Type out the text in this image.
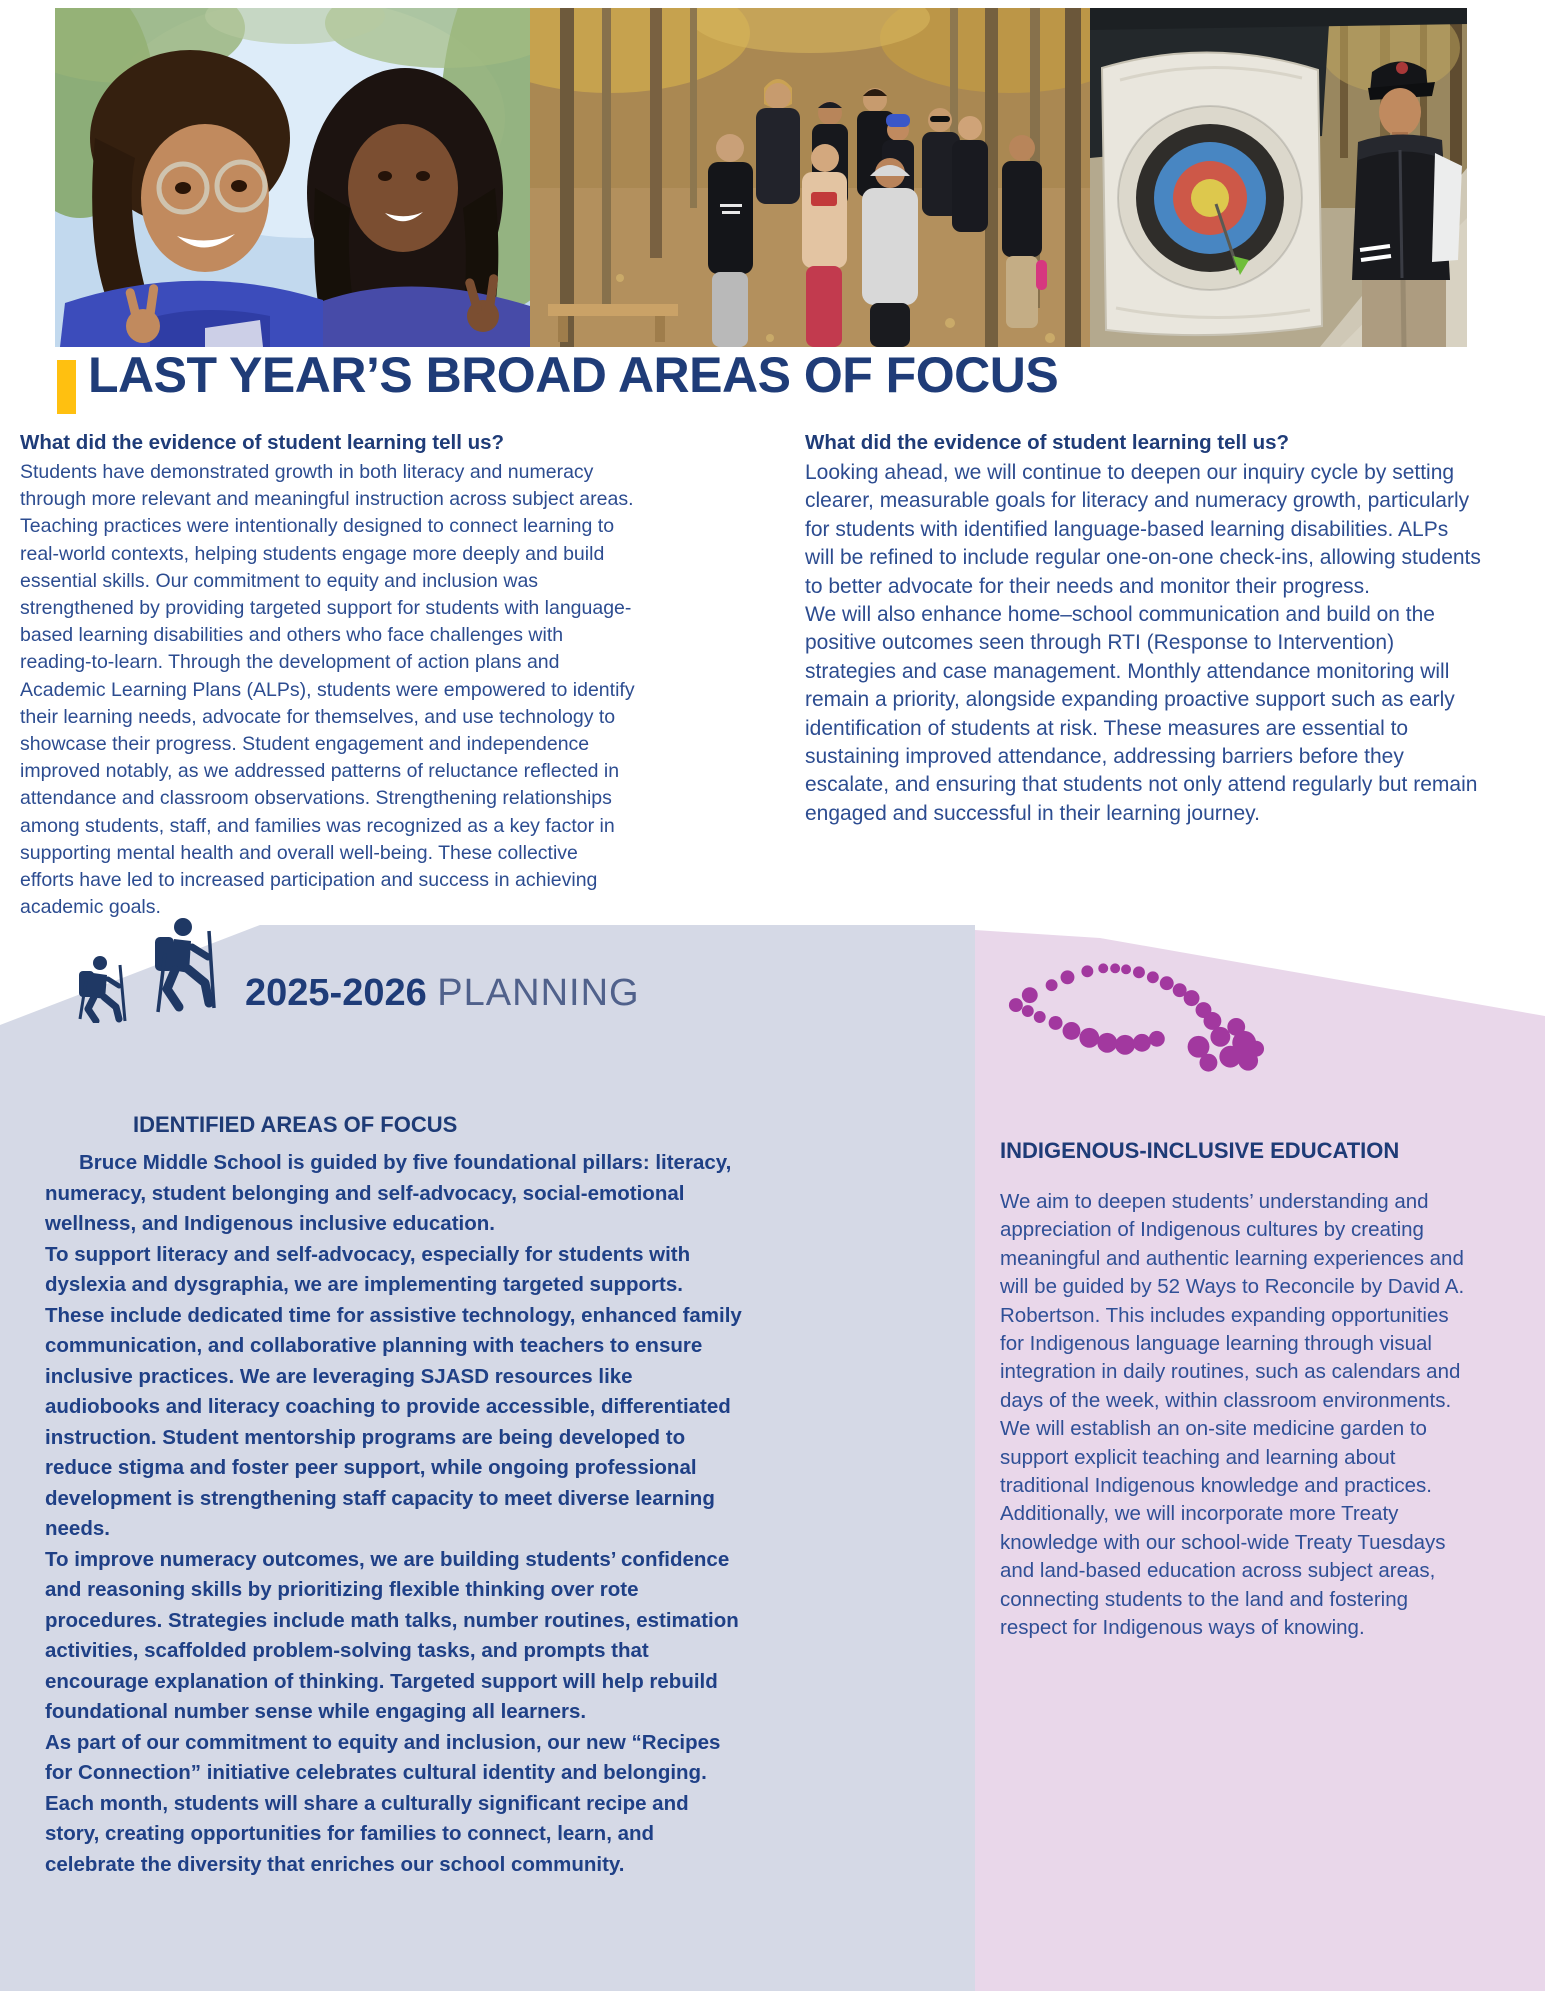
LAST YEAR’S BROAD AREAS OF FOCUS
What did the evidence of student learning tell us?

Students have demonstrated growth in both literacy and numeracy through more relevant and meaningful instruction across subject areas. Teaching practices were intentionally designed to connect learning to real-world contexts, helping students engage more deeply and build essential skills. Our commitment to equity and inclusion was strengthened by providing targeted support for students with language-based learning disabilities and others who face challenges with reading-to-learn. Through the development of action plans and Academic Learning Plans (ALPs), students were empowered to identify their learning needs, advocate for themselves, and use technology to showcase their progress. Student engagement and independence improved notably, as we addressed patterns of reluctance reflected in attendance and classroom observations. Strengthening relationships among students, staff, and families was recognized as a key factor in supporting mental health and overall well-being. These collective efforts have led to increased participation and success in achieving academic goals.

What did the evidence of student learning tell us?

Looking ahead, we will continue to deepen our inquiry cycle by setting clearer, measurable goals for literacy and numeracy growth, particularly for students with identified language-based learning disabilities. ALPs will be refined to include regular one-on-one check-ins, allowing students to better advocate for their needs and monitor their progress.

We will also enhance home–school communication and build on the positive outcomes seen through RTI (Response to Intervention) strategies and case management. Monthly attendance monitoring will remain a priority, alongside expanding proactive support such as early identification of students at risk. These measures are essential to sustaining improved attendance, addressing barriers before they escalate, and ensuring that students not only attend regularly but remain engaged and successful in their learning journey.

2025-2026 PLANNING
IDENTIFIED AREAS OF FOCUS

Bruce Middle School is guided by five foundational pillars: literacy, numeracy, student belonging and self-advocacy, social-emotional wellness, and Indigenous inclusive education.

To support literacy and self-advocacy, especially for students with dyslexia and dysgraphia, we are implementing targeted supports. These include dedicated time for assistive technology, enhanced family communication, and collaborative planning with teachers to ensure inclusive practices. We are leveraging SJASD resources like audiobooks and literacy coaching to provide accessible, differentiated instruction. Student mentorship programs are being developed to reduce stigma and foster peer support, while ongoing professional development is strengthening staff capacity to meet diverse learning needs.

To improve numeracy outcomes, we are building students’ confidence and reasoning skills by prioritizing flexible thinking over rote procedures. Strategies include math talks, number routines, estimation activities, scaffolded problem-solving tasks, and prompts that encourage explanation of thinking. Targeted support will help rebuild foundational number sense while engaging all learners.

As part of our commitment to equity and inclusion, our new “Recipes for Connection” initiative celebrates cultural identity and belonging. Each month, students will share a culturally significant recipe and story, creating opportunities for families to connect, learn, and celebrate the diversity that enriches our school community.

INDIGENOUS-INCLUSIVE EDUCATION

We aim to deepen students’ understanding and appreciation of Indigenous cultures by creating meaningful and authentic learning experiences and will be guided by 52 Ways to Reconcile by David A. Robertson. This includes expanding opportunities for Indigenous language learning through visual integration in daily routines, such as calendars and days of the week, within classroom environments. We will establish an on-site medicine garden to support explicit teaching and learning about traditional Indigenous knowledge and practices. Additionally, we will incorporate more Treaty knowledge with our school-wide Treaty Tuesdays and land-based education across subject areas, connecting students to the land and fostering respect for Indigenous ways of knowing.
